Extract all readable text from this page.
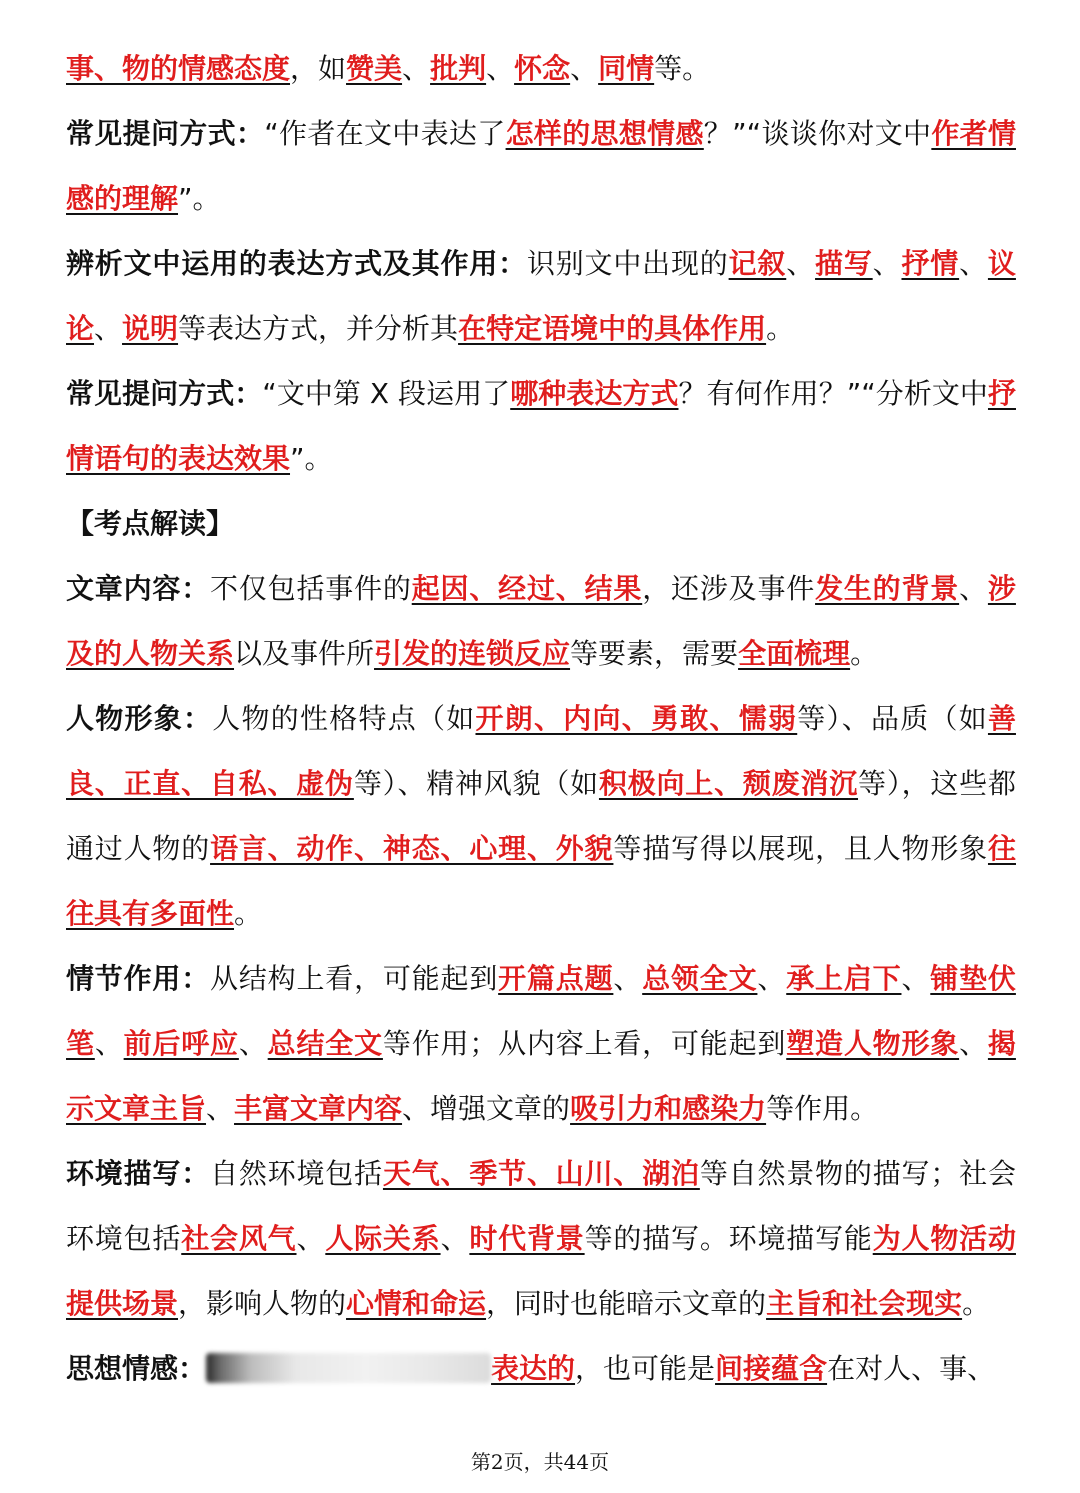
事、物的情感态度，如赞美、批判、怀念、同情等。

常见提问方式：“作者在文中表达了怎样的思想情感？”“谈谈你对文中作者情感的理解”。

辨析文中运用的表达方式及其作用：识别文中出现的记叙、描写、抒情、议论、说明等表达方式，并分析其在特定语境中的具体作用。

常见提问方式：“文中第 X 段运用了哪种表达方式？有何作用？”“分析文中抒情语句的表达效果”。

【考点解读】

文章内容：不仅包括事件的起因、经过、结果，还涉及事件发生的背景、涉及的人物关系以及事件所引发的连锁反应等要素，需要全面梳理。

人物形象：人物的性格特点（如开朗、内向、勇敢、懦弱等）、品质（如善良、正直、自私、虚伪等）、精神风貌（如积极向上、颓废消沉等），这些都通过人物的语言、动作、神态、心理、外貌等描写得以展现，且人物形象往往具有多面性。

情节作用：从结构上看，可能起到开篇点题、总领全文、承上启下、铺垫伏笔、前后呼应、总结全文等作用；从内容上看，可能起到塑造人物形象、揭示文章主旨、丰富文章内容、增强文章的吸引力和感染力等作用。

环境描写：自然环境包括天气、季节、山川、湖泊等自然景物的描写；社会环境包括社会风气、人际关系、时代背景等的描写。环境描写能为人物活动提供场景，影响人物的心情和命运，同时也能暗示文章的主旨和社会现实。

思想情感：	表达的，也可能是间接蕴含在对人、事、

第2页，共44页
